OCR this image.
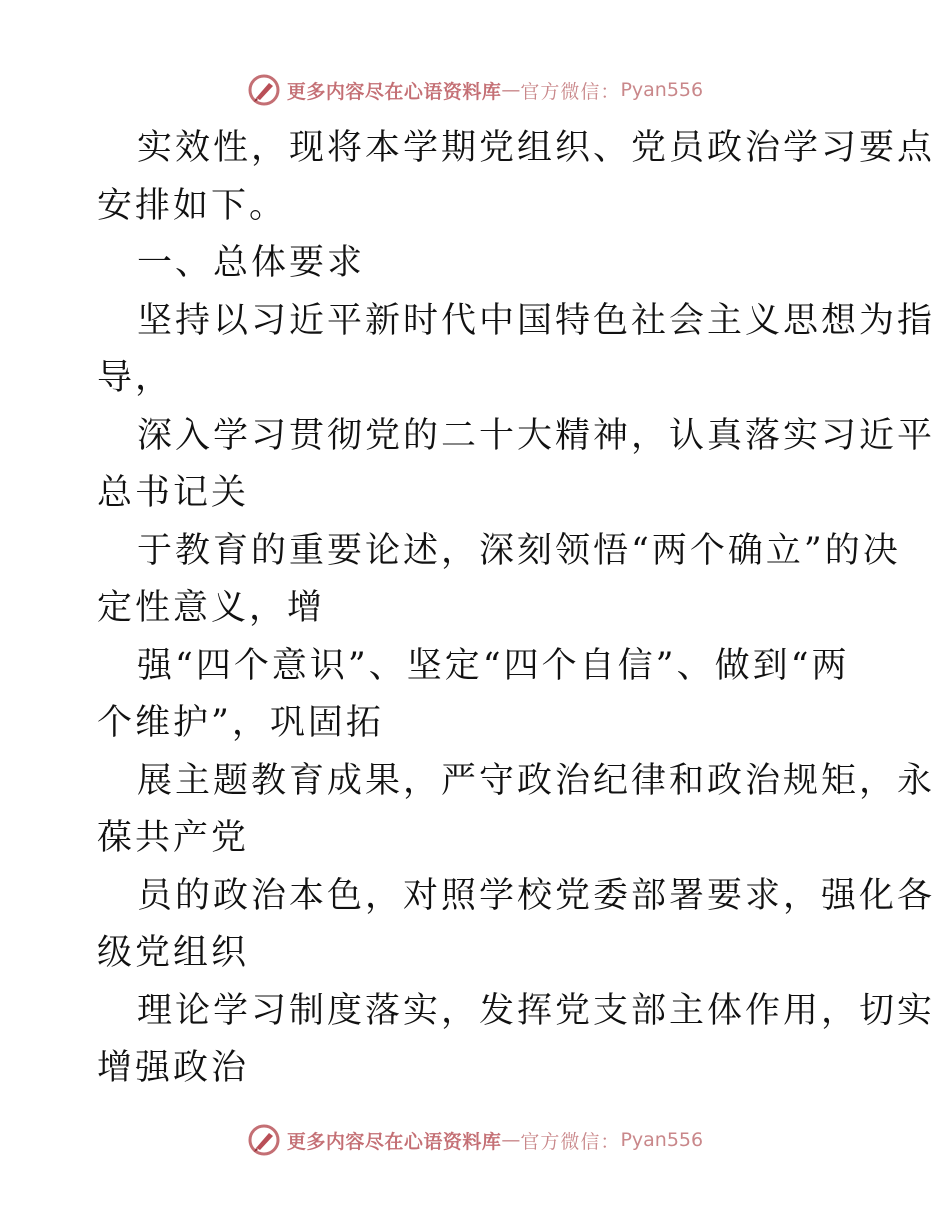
更多内容尽在心语资料库 — 官方微信： Pyan556
实效性，现将本学期党组织、党员政治学习要点
安排如下。
一、总体要求
坚持以习近平新时代中国特色社会主义思想为指
导，
深入学习贯彻党的二十大精神，认真落实习近平
总书记关
于教育的重要论述，深刻领悟“两个确立”的决
定性意义，增
强“四个意识”、坚定“四个自信”、做到“两
个维护”，巩固拓
展主题教育成果，严守政治纪律和政治规矩，永
葆共产党
员的政治本色，对照学校党委部署要求，强化各
级党组织
理论学习制度落实，发挥党支部主体作用，切实
增强政治
更多内容尽在心语资料库 — 官方微信： Pyan556
